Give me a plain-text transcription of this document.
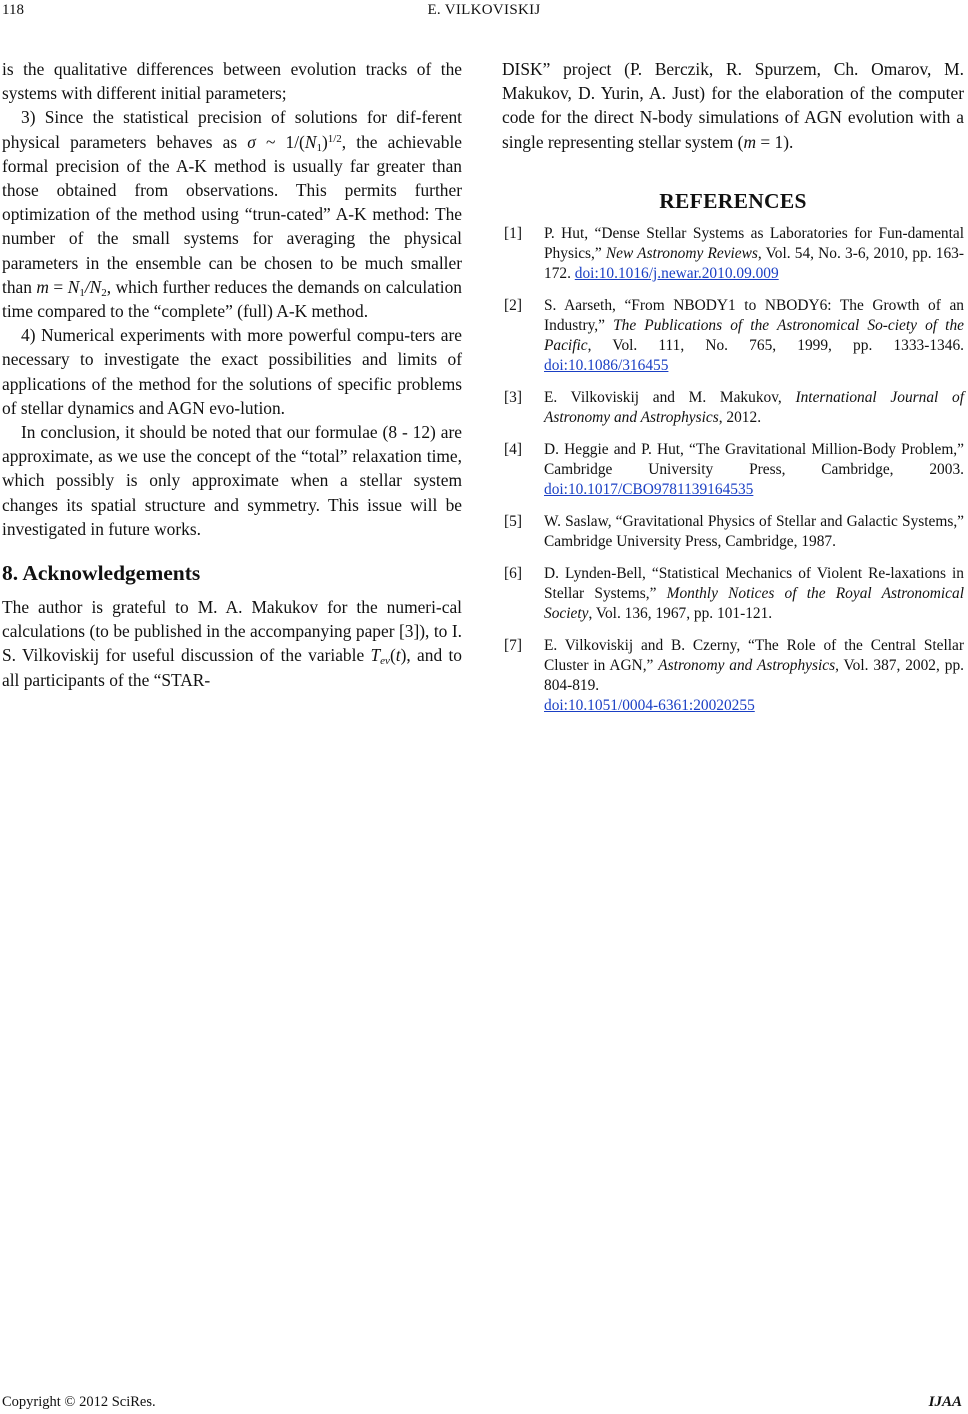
118	E. VILKOVISKIJ

is the qualitative differences between evolution tracks of the systems with different initial parameters;

3) Since the statistical precision of solutions for dif-ferent physical parameters behaves as σ ~ $1/(N_1)^{1/2}$, the achievable formal precision of the A-K method is usually far greater than those obtained from observations. This permits further optimization of the method using “trun-cated” A-K method: The number of the small systems for averaging the physical parameters in the ensemble can be chosen to be much smaller than $m = N_1/N_2$, which further reduces the demands on calculation time compared to the “complete” (full) A-K method.

4) Numerical experiments with more powerful compu-ters are necessary to investigate the exact possibilities and limits of applications of the method for the solutions of specific problems of stellar dynamics and AGN evo-lution.

In conclusion, it should be noted that our formulae (8 - 12) are approximate, as we use the concept of the “total” relaxation time, which possibly is only approximate when a stellar system changes its spatial structure and symmetry. This issue will be investigated in future works.

8. Acknowledgements

The author is grateful to M. A. Makukov for the numeri-cal calculations (to be published in the accompanying paper [3]), to I. S. Vilkoviskij for useful discussion of the variable $T_{ev}(t)$, and to all participants of the “STAR-

DISK” project (P. Berczik, R. Spurzem, Ch. Omarov, M. Makukov, D. Yurin, A. Just) for the elaboration of the computer code for the direct N-body simulations of AGN evolution with a single representing stellar system (m = 1).

REFERENCES
[1] P. Hut, “Dense Stellar Systems as Laboratories for Fun-damental Physics,” New Astronomy Reviews, Vol. 54, No. 3-6, 2010, pp. 163-172. doi:10.1016/j.newar.2010.09.009
[2] S. Aarseth, “From NBODY1 to NBODY6: The Growth of an Industry,” The Publications of the Astronomical So-ciety of the Pacific, Vol. 111, No. 765, 1999, pp. 1333-1346. doi:10.1086/316455
[3] E. Vilkoviskij and M. Makukov, International Journal of Astronomy and Astrophysics, 2012.
[4] D. Heggie and P. Hut, “The Gravitational Million-Body Problem,” Cambridge University Press, Cambridge, 2003. doi:10.1017/CBO9781139164535
[5] W. Saslaw, “Gravitational Physics of Stellar and Galactic Systems,” Cambridge University Press, Cambridge, 1987.
[6] D. Lynden-Bell, “Statistical Mechanics of Violent Re-laxations in Stellar Systems,” Monthly Notices of the Royal Astronomical Society, Vol. 136, 1967, pp. 101-121.
[7] E. Vilkoviskij and B. Czerny, “The Role of the Central Stellar Cluster in AGN,” Astronomy and Astrophysics, Vol. 387, 2002, pp. 804-819.
doi:10.1051/0004-6361:20020255
Copyright © 2012 SciRes.	IJAA
